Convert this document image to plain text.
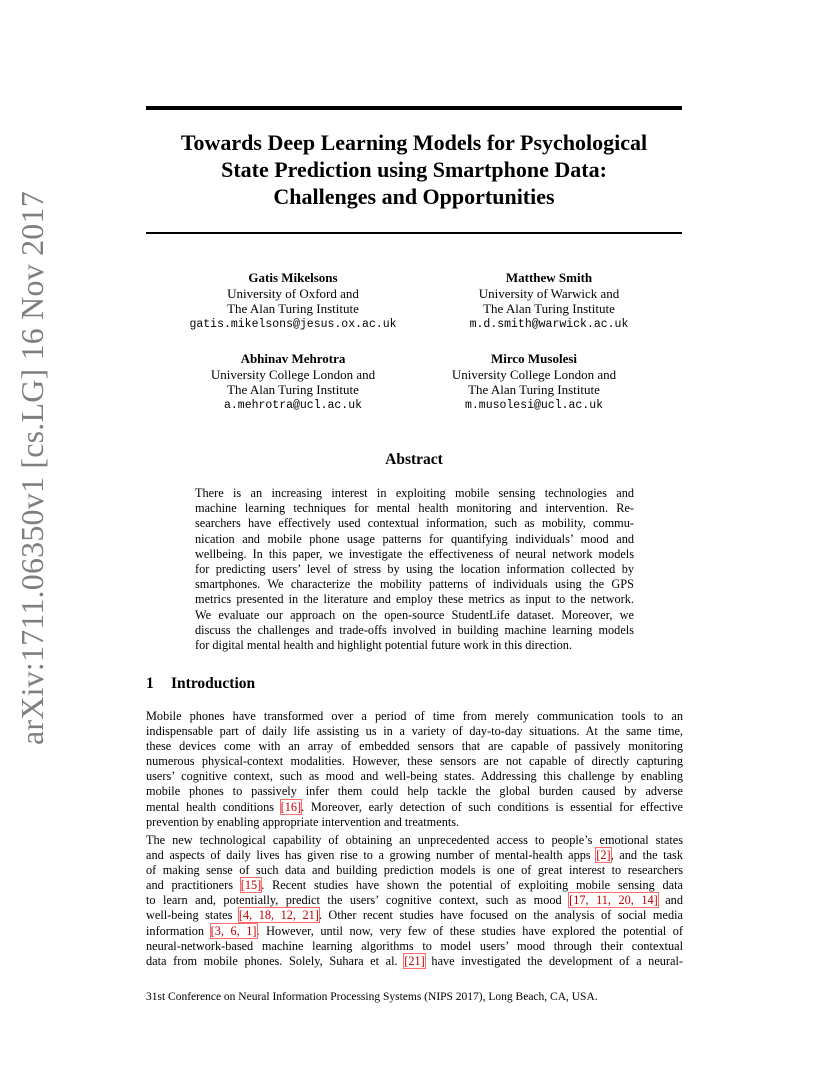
arXiv:1711.06350v1 [cs.LG] 16 Nov 2017
Towards Deep Learning Models for Psychological
State Prediction using Smartphone Data:
Challenges and Opportunities
Gatis Mikelsons
University of Oxford and
The Alan Turing Institute
gatis.mikelsons@jesus.ox.ac.uk
Matthew Smith
University of Warwick and
The Alan Turing Institute
m.d.smith@warwick.ac.uk
Abhinav Mehrotra
University College London and
The Alan Turing Institute
a.mehrotra@ucl.ac.uk
Mirco Musolesi
University College London and
The Alan Turing Institute
m.musolesi@ucl.ac.uk
Abstract
There is an increasing interest in exploiting mobile sensing technologies and
machine learning techniques for mental health monitoring and intervention. Re-
searchers have effectively used contextual information, such as mobility, commu-
nication and mobile phone usage patterns for quantifying individuals’ mood and
wellbeing. In this paper, we investigate the effectiveness of neural network models
for predicting users’ level of stress by using the location information collected by
smartphones. We characterize the mobility patterns of individuals using the GPS
metrics presented in the literature and employ these metrics as input to the network.
We evaluate our approach on the open-source StudentLife dataset. Moreover, we
discuss the challenges and trade-offs involved in building machine learning models
for digital mental health and highlight potential future work in this direction.
1 Introduction
Mobile phones have transformed over a period of time from merely communication tools to an
indispensable part of daily life assisting us in a variety of day-to-day situations. At the same time,
these devices come with an array of embedded sensors that are capable of passively monitoring
numerous physical-context modalities. However, these sensors are not capable of directly capturing
users’ cognitive context, such as mood and well-being states. Addressing this challenge by enabling
mobile phones to passively infer them could help tackle the global burden caused by adverse
mental health conditions [16]. Moreover, early detection of such conditions is essential for effective
prevention by enabling appropriate intervention and treatments.
The new technological capability of obtaining an unprecedented access to people’s emotional states
and aspects of daily lives has given rise to a growing number of mental-health apps [2], and the task
of making sense of such data and building prediction models is one of great interest to researchers
and practitioners [15]. Recent studies have shown the potential of exploiting mobile sensing data
to learn and, potentially, predict the users’ cognitive context, such as mood [17, 11, 20, 14] and
well-being states [4, 18, 12, 21]. Other recent studies have focused on the analysis of social media
information [3, 6, 1]. However, until now, very few of these studies have explored the potential of
neural-network-based machine learning algorithms to model users’ mood through their contextual
data from mobile phones. Solely, Suhara et al. [21] have investigated the development of a neural-

31st Conference on Neural Information Processing Systems (NIPS 2017), Long Beach, CA, USA.
